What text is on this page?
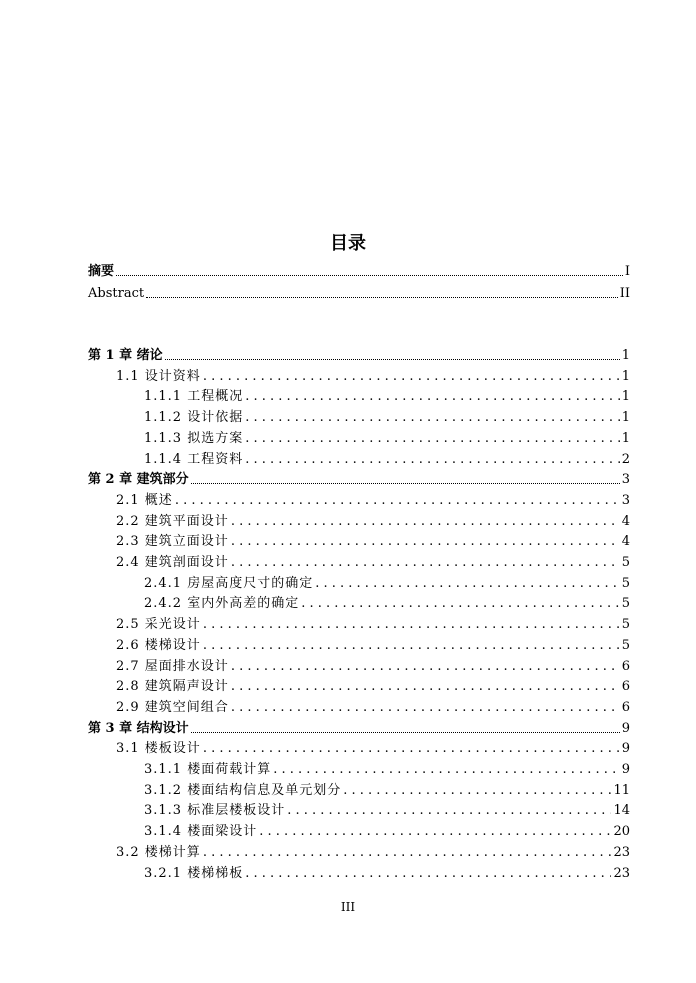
目录
摘要	I
Abstract	II
第 1 章 绪论	1
1.1 设计资料 . . .	1
1.1.1 工程概况 . . .	1
1.1.2 设计依据 . . .	1
1.1.3 拟选方案 . . .	1
1.1.4 工程资料 . . .	2
第 2 章 建筑部分	3
2.1 概述 . . .	3
2.2 建筑平面设计 . . .	4
2.3 建筑立面设计 . . .	4
2.4 建筑剖面设计 . . .	5
2.4.1 房屋高度尺寸的确定 . . .	5
2.4.2 室内外高差的确定 . . .	5
2.5 采光设计 . . .	5
2.6 楼梯设计 . . .	5
2.7 屋面排水设计 . . .	6
2.8 建筑隔声设计 . . .	6
2.9 建筑空间组合 . . .	6
第 3 章 结构设计	9
3.1 楼板设计 . . .	9
3.1.1 楼面荷载计算 . . .	9
3.1.2 楼面结构信息及单元划分 . . .	11
3.1.3 标准层楼板设计 . . .	14
3.1.4 楼面梁设计 . . .	20
3.2 楼梯计算 . . .	23
3.2.1 楼梯梯板 . . .	23
III
